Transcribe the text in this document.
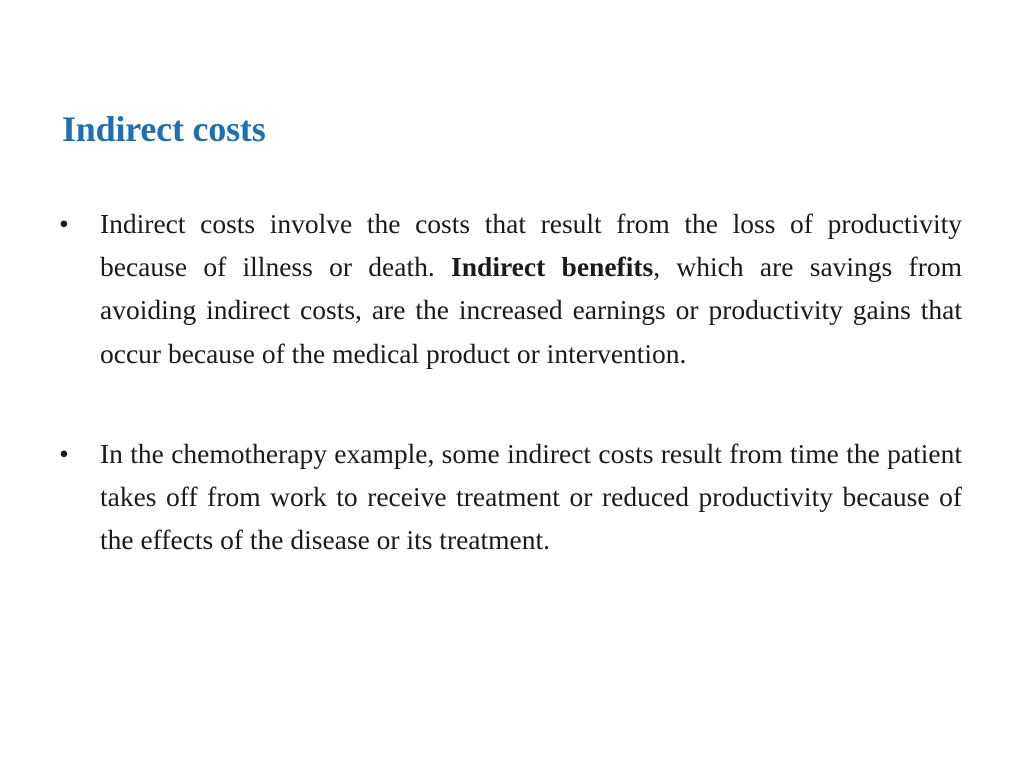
Indirect costs
• Indirect costs involve the costs that result from the loss of productivity because of illness or death. Indirect benefits, which are savings from avoiding indirect costs, are the increased earnings or productivity gains that occur because of the medical product or intervention.
• In the chemotherapy example, some indirect costs result from time the patient takes off from work to receive treatment or reduced productivity because of the effects of the disease or its treatment.
